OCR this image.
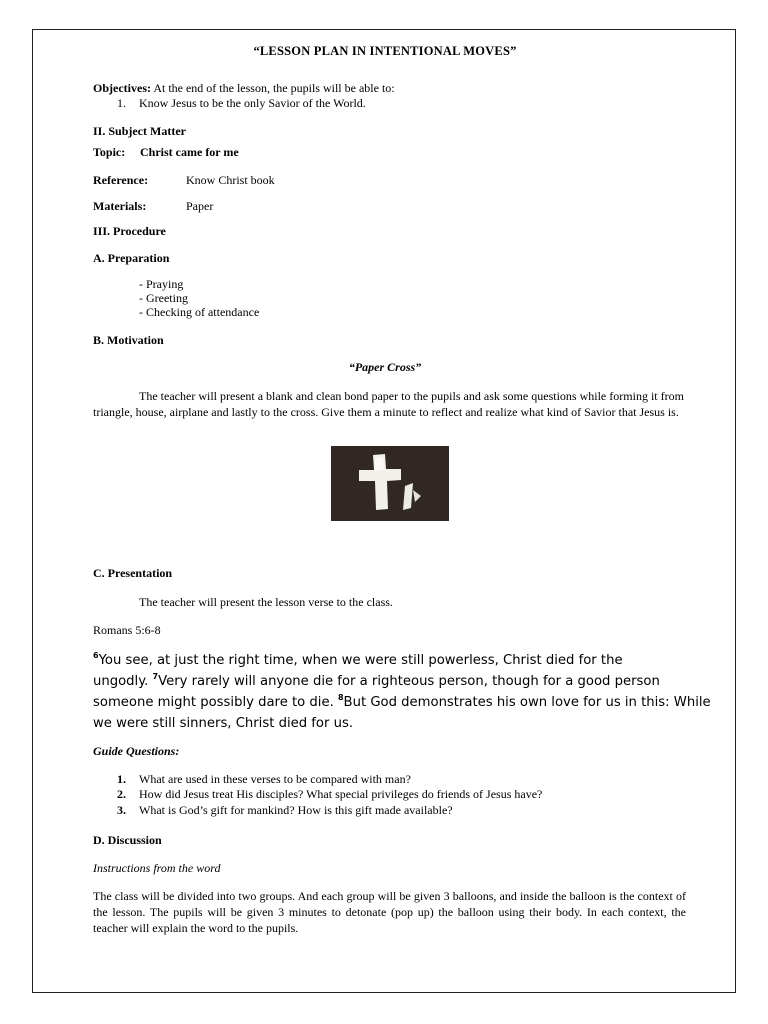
“LESSON PLAN IN INTENTIONAL MOVES”
Objectives: At the end of the lesson, the pupils will be able to:
1. Know Jesus to be the only Savior of the World.
II. Subject Matter
Topic: Christ came for me
Reference:	Know Christ book
Materials:	Paper
III. Procedure
A. Preparation
- Praying
- Greeting
- Checking of attendance
B. Motivation
“Paper Cross”
The teacher will present a blank and clean bond paper to the pupils and ask some questions while forming it from triangle, house, airplane and lastly to the cross. Give them a minute to reflect and realize what kind of Savior that Jesus is.
C. Presentation
The teacher will present the lesson verse to the class.
Romans 5:6-8
$^6$You see, at just the right time, when we were still powerless, Christ died for the
ungodly. $^7$Very rarely will anyone die for a righteous person, though for a good person
someone might possibly dare to die. $^8$But God demonstrates his own love for us in this: While
we were still sinners, Christ died for us.
Guide Questions:
1. What are used in these verses to be compared with man?
2. How did Jesus treat His disciples? What special privileges do friends of Jesus have?
3. What is God’s gift for mankind? How is this gift made available?
D. Discussion
Instructions from the word
The class will be divided into two groups. And each group will be given 3 balloons, and inside the balloon is the context of the lesson. The pupils will be given 3 minutes to detonate (pop up) the balloon using their body. In each context, the teacher will explain the word to the pupils.
